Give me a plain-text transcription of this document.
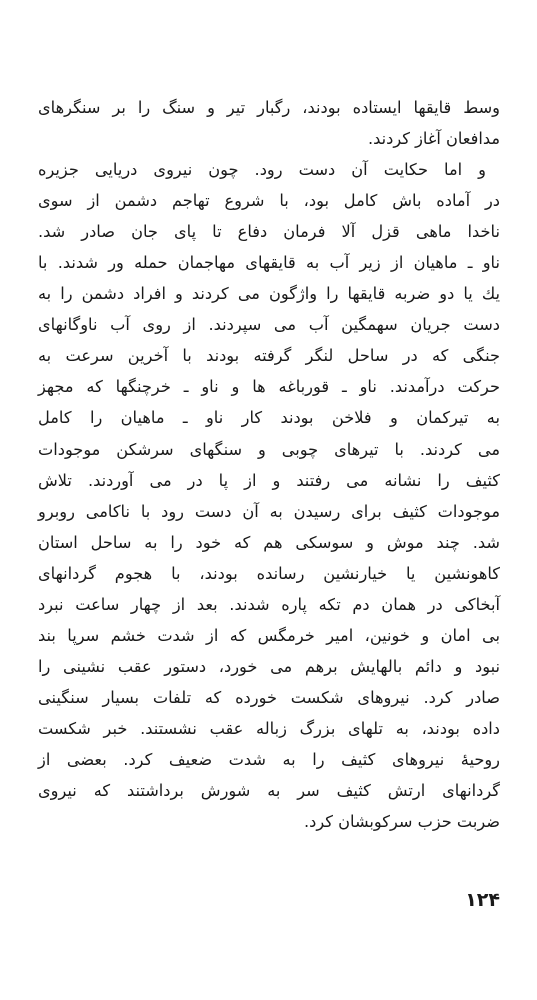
وسط قایقها ایستاده بودند، رگبار تیر و سنگ را بر سنگرهای
مدافعان آغاز کردند.
و اما حکایت آن دست رود. چون نیروی دریایی جزیره
در آماده باش کامل بود، با شروع تهاجم دشمن از سوی
ناخدا ماهی قزل آلا فرمان دفاع تا پای جان صادر شد.
ناو ـ ماهیان از زیر آب به قایقهای مهاجمان حمله ور شدند. با
یك یا دو ضربه قایقها را واژگون می کردند و افراد دشمن را به
دست جریان سهمگین آب می سپردند. از روی آب ناوگانهای
جنگی که در ساحل لنگر گرفته بودند با آخرین سرعت به
حرکت درآمدند. ناو ـ قورباغه ها و ناو ـ خرچنگها که مجهز
به تیرکمان و فلاخن بودند کار ناو ـ ماهیان را کامل
می کردند. با تیرهای چوبی و سنگهای سرشکن موجودات
کثیف را نشانه می رفتند و از پا در می آوردند. تلاش
موجودات کثیف برای رسیدن به آن دست رود با ناکامی روبرو
شد. چند موش و سوسکی هم که خود را به ساحل استان
کاهونشین یا خیارنشین رسانده بودند، با هجوم گردانهای
آبخاکی در همان دم تکه پاره شدند. بعد از چهار ساعت نبرد
بی امان و خونین، امیر خرمگس که از شدت خشم سرپا بند
نبود و دائم بالهایش برهم می خورد، دستور عقب نشینی را
صادر کرد. نیروهای شکست خورده که تلفات بسیار سنگینی
داده بودند، به تلهای بزرگ زباله عقب نشستند. خبر شکست
روحیهٔ نیروهای کثیف را به شدت ضعیف کرد. بعضی از
گردانهای ارتش کثیف سر به شورش برداشتند که نیروی
ضربت حزب سرکوبشان کرد.
۱۲۴
